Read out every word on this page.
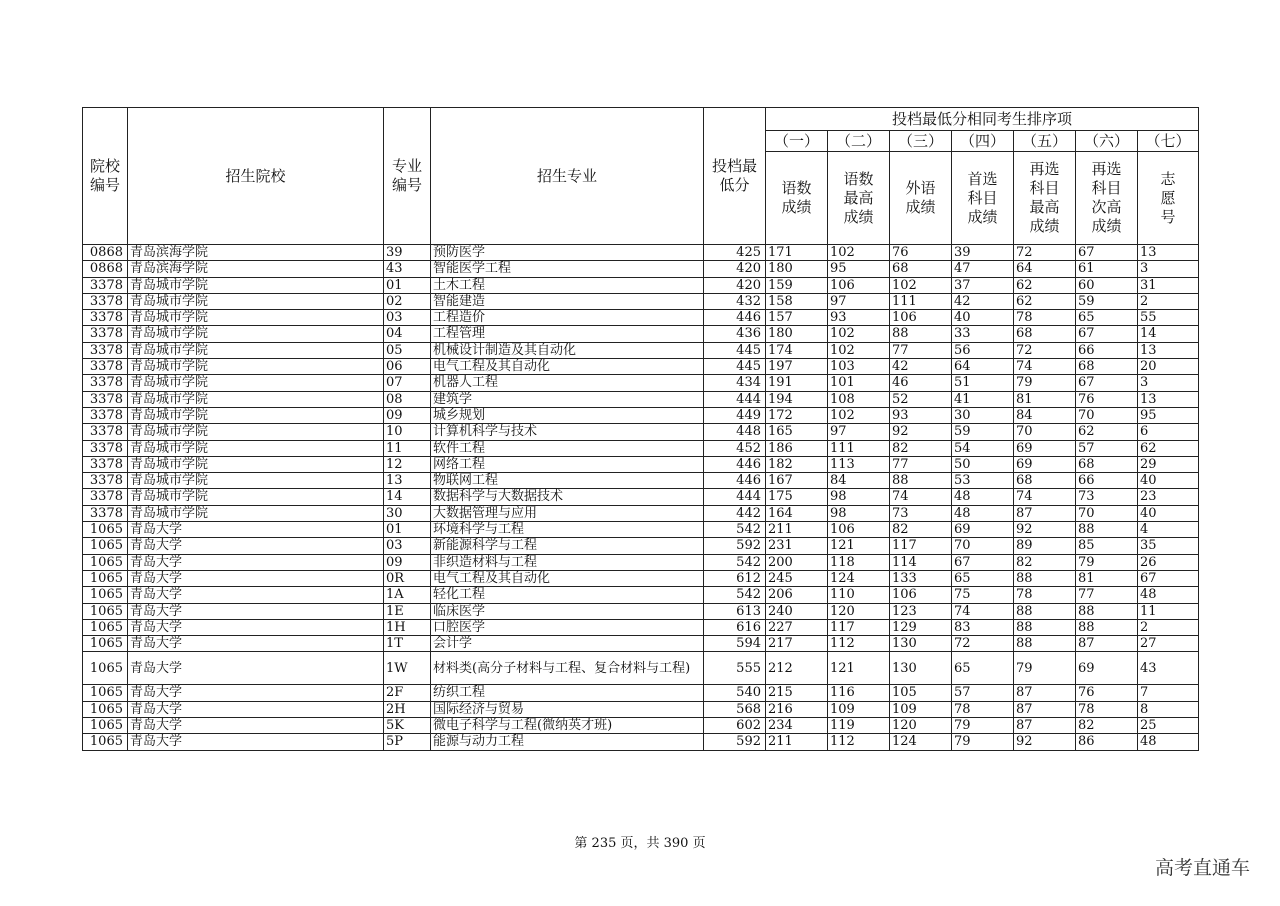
院校编号	招生院校	专业编号	招生专业	投档最低分	投档最低分相同考生排序项						
					（一）	（二）	（三）	（四）	（五）	（六）	（七）
					语数成绩	语数最高成绩	外语成绩	首选科目成绩	再选科目最高成绩	再选科目次高成绩	志愿号
0868	青岛滨海学院	39	预防医学	425	171	102	76	39	72	67	13
0868	青岛滨海学院	43	智能医学工程	420	180	95	68	47	64	61	3
3378	青岛城市学院	01	土木工程	420	159	106	102	37	62	60	31
3378	青岛城市学院	02	智能建造	432	158	97	111	42	62	59	2
3378	青岛城市学院	03	工程造价	446	157	93	106	40	78	65	55
3378	青岛城市学院	04	工程管理	436	180	102	88	33	68	67	14
3378	青岛城市学院	05	机械设计制造及其自动化	445	174	102	77	56	72	66	13
3378	青岛城市学院	06	电气工程及其自动化	445	197	103	42	64	74	68	20
3378	青岛城市学院	07	机器人工程	434	191	101	46	51	79	67	3
3378	青岛城市学院	08	建筑学	444	194	108	52	41	81	76	13
3378	青岛城市学院	09	城乡规划	449	172	102	93	30	84	70	95
3378	青岛城市学院	10	计算机科学与技术	448	165	97	92	59	70	62	6
3378	青岛城市学院	11	软件工程	452	186	111	82	54	69	57	62
3378	青岛城市学院	12	网络工程	446	182	113	77	50	69	68	29
3378	青岛城市学院	13	物联网工程	446	167	84	88	53	68	66	40
3378	青岛城市学院	14	数据科学与大数据技术	444	175	98	74	48	74	73	23
3378	青岛城市学院	30	大数据管理与应用	442	164	98	73	48	87	70	40
1065	青岛大学	01	环境科学与工程	542	211	106	82	69	92	88	4
1065	青岛大学	03	新能源科学与工程	592	231	121	117	70	89	85	35
1065	青岛大学	09	非织造材料与工程	542	200	118	114	67	82	79	26
1065	青岛大学	0R	电气工程及其自动化	612	245	124	133	65	88	81	67
1065	青岛大学	1A	轻化工程	542	206	110	106	75	78	77	48
1065	青岛大学	1E	临床医学	613	240	120	123	74	88	88	11
1065	青岛大学	1H	口腔医学	616	227	117	129	83	88	88	2
1065	青岛大学	1T	会计学	594	217	112	130	72	88	87	27
1065	青岛大学	1W	材料类(高分子材料与工程、复合材料与工程)	555	212	121	130	65	79	69	43
1065	青岛大学	2F	纺织工程	540	215	116	105	57	87	76	7
1065	青岛大学	2H	国际经济与贸易	568	216	109	109	78	87	78	8
1065	青岛大学	5K	微电子科学与工程(微纳英才班)	602	234	119	120	79	87	82	25
1065	青岛大学	5P	能源与动力工程	592	211	112	124	79	92	86	48
第 235 页，共 390 页
高考直通车
